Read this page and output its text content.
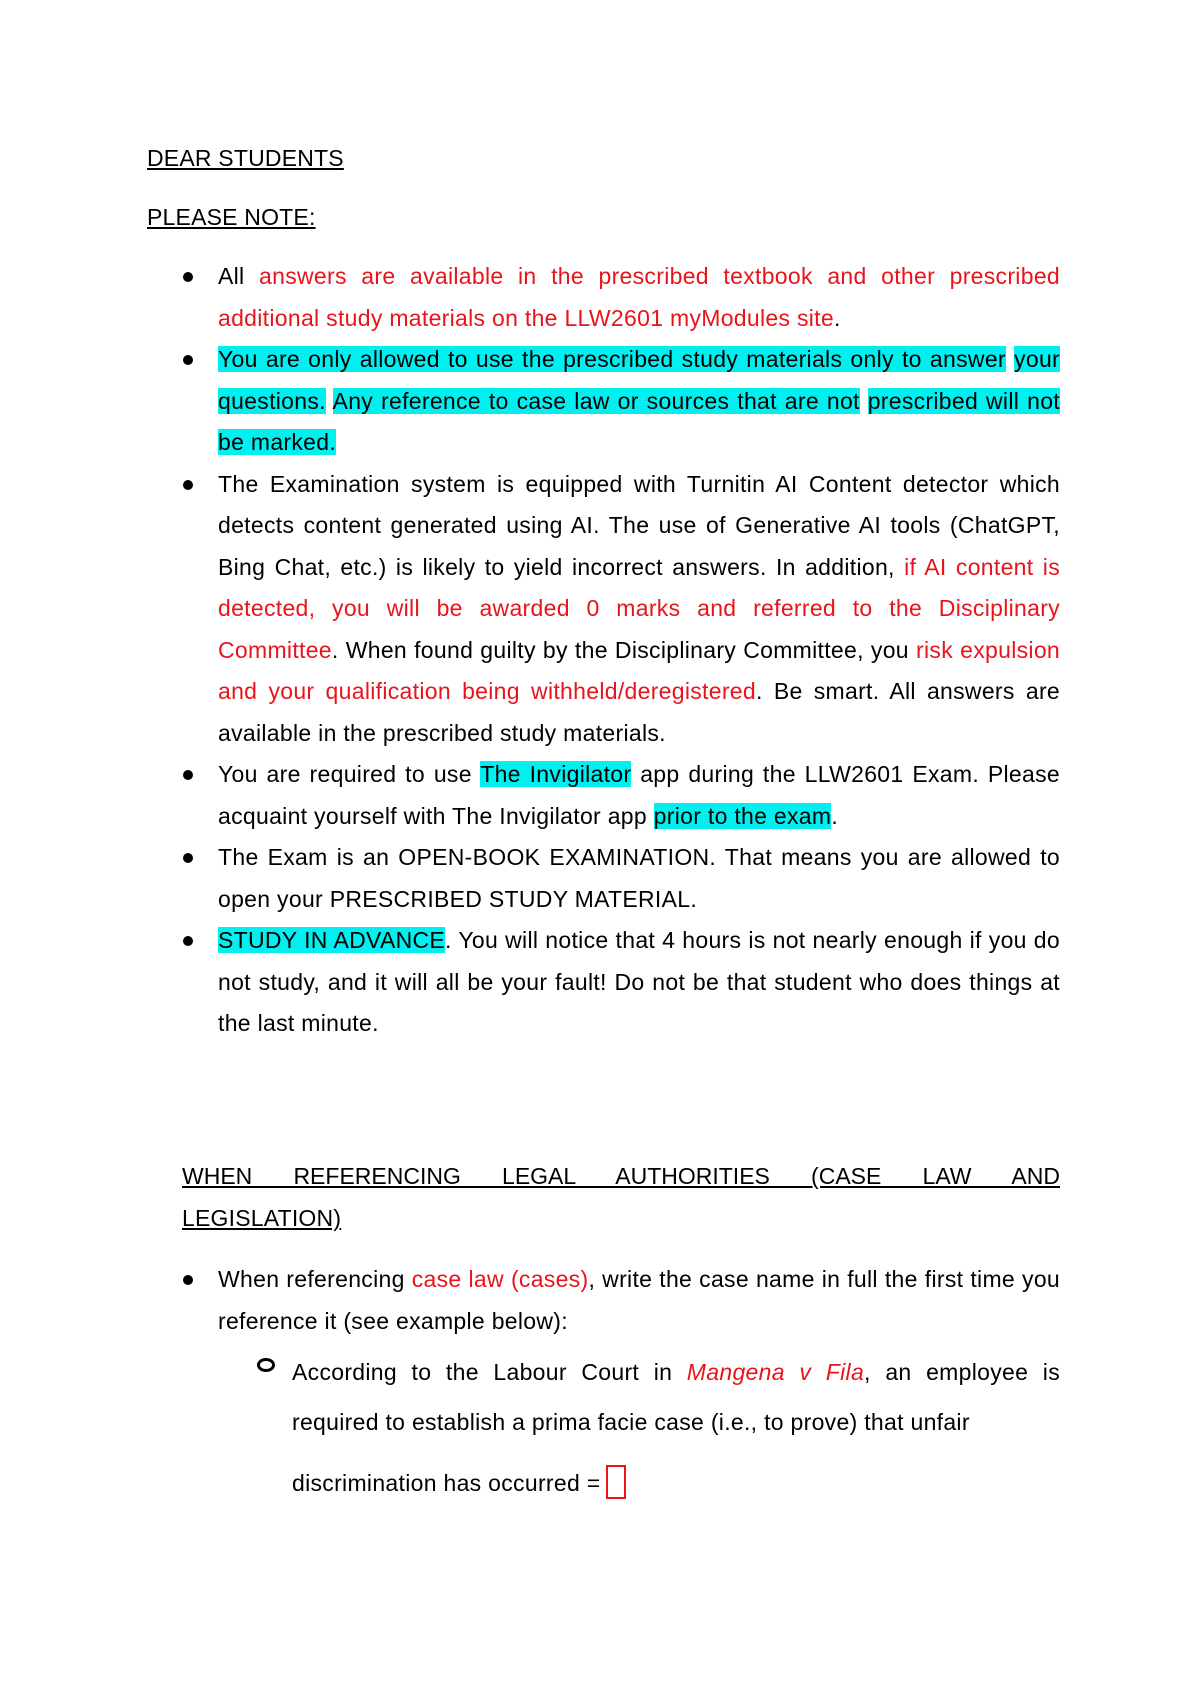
DEAR STUDENTS
PLEASE NOTE:
All answers are available in the prescribed textbook and other prescribed additional study materials on the LLW2601 myModules site.
You are only allowed to use the prescribed study materials only to answer your questions. Any reference to case law or sources that are not prescribed will not be marked.
The Examination system is equipped with Turnitin AI Content detector which detects content generated using AI. The use of Generative AI tools (ChatGPT, Bing Chat, etc.) is likely to yield incorrect answers. In addition, if AI content is detected, you will be awarded 0 marks and referred to the Disciplinary Committee. When found guilty by the Disciplinary Committee, you risk expulsion and your qualification being withheld/deregistered. Be smart. All answers are available in the prescribed study materials.
You are required to use The Invigilator app during the LLW2601 Exam. Please acquaint yourself with The Invigilator app prior to the exam.
The Exam is an OPEN-BOOK EXAMINATION. That means you are allowed to open your PRESCRIBED STUDY MATERIAL.
STUDY IN ADVANCE. You will notice that 4 hours is not nearly enough if you do not study, and it will all be your fault! Do not be that student who does things at the last minute.
WHEN REFERENCING LEGAL AUTHORITIES (CASE LAW AND
LEGISLATION)
When referencing case law (cases), write the case name in full the first time you reference it (see example below):
According to the Labour Court in Mangena v Fila, an employee is required to establish a prima facie case (i.e., to prove) that unfair
discrimination has occurred =
